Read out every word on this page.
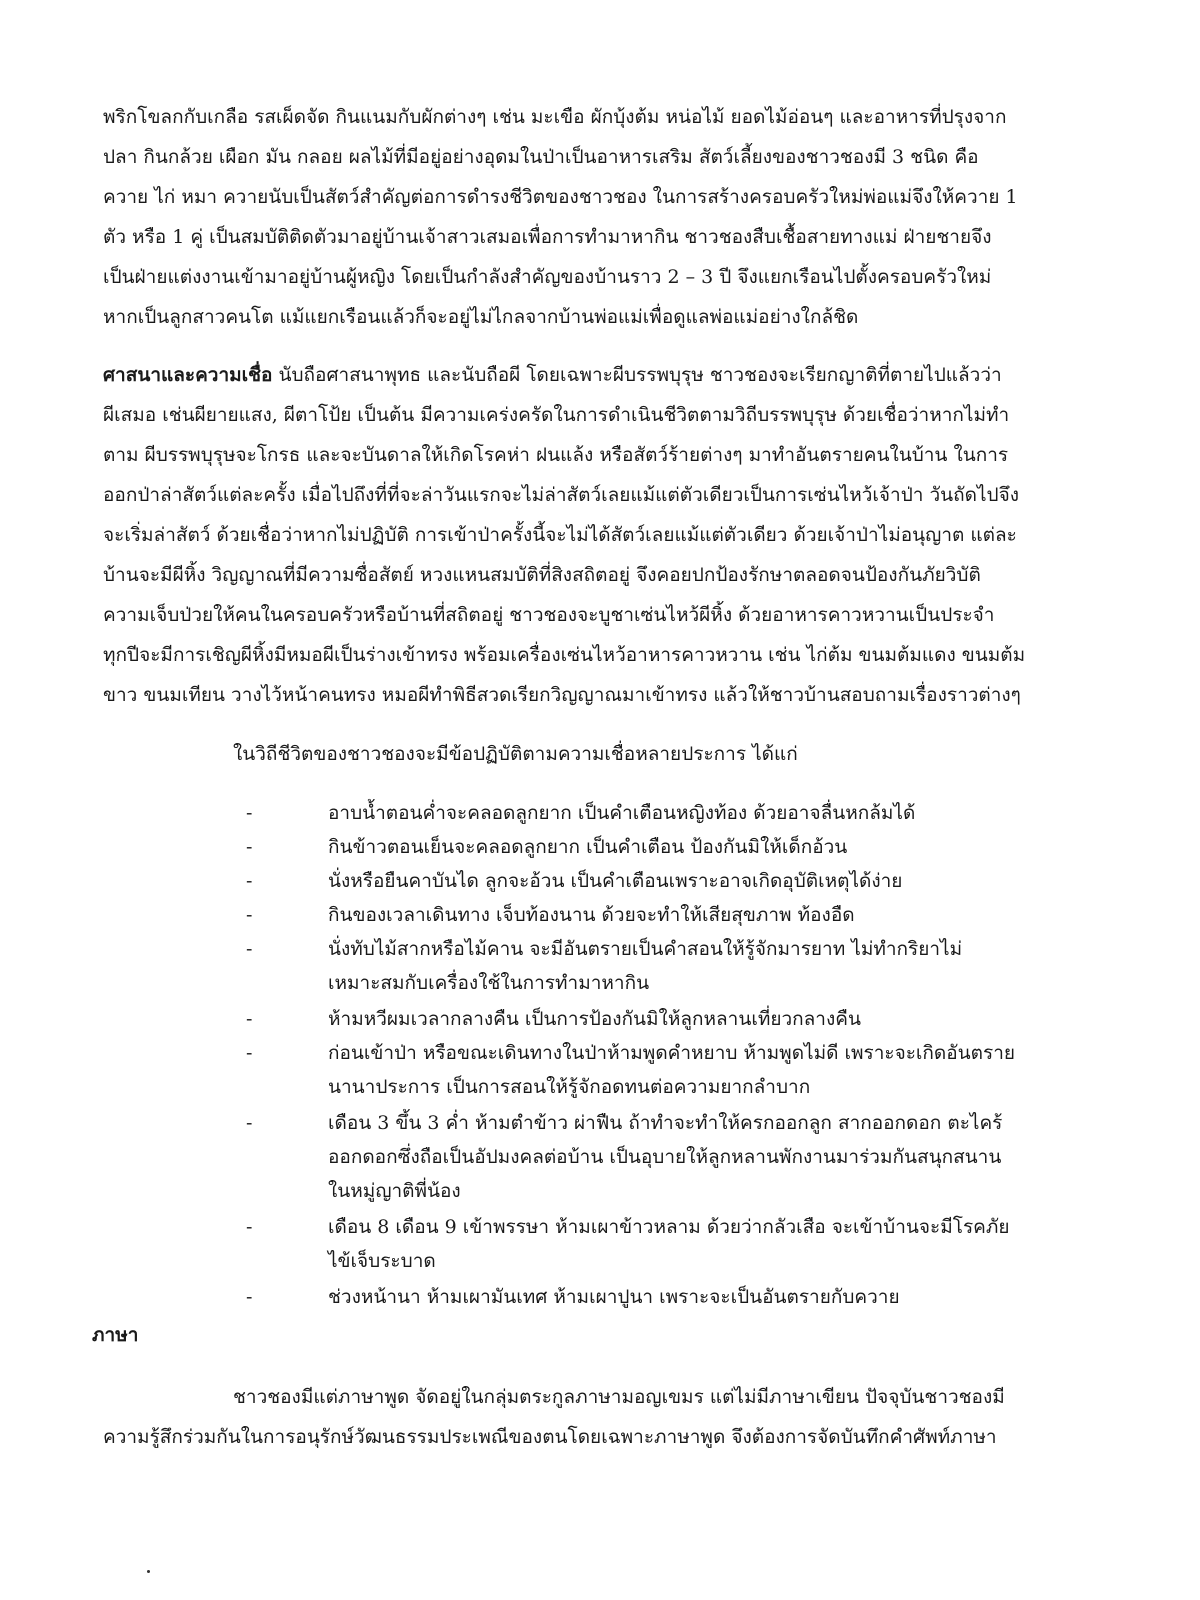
พริกโขลกกับเกลือ รสเผ็ดจัด กินแนมกับผักต่างๆ เช่น มะเขือ ผักบุ้งต้ม หน่อไม้ ยอดไม้อ่อนๆ และอาหารที่ปรุงจาก
ปลา กินกล้วย เผือก มัน กลอย ผลไม้ที่มีอยู่อย่างอุดมในป่าเป็นอาหารเสริม สัตว์เลี้ยงของชาวชองมี 3 ชนิด คือ
ควาย ไก่ หมา ควายนับเป็นสัตว์สำคัญต่อการดำรงชีวิตของชาวชอง ในการสร้างครอบครัวใหม่พ่อแม่จึงให้ควาย 1
ตัว หรือ 1 คู่ เป็นสมบัติติดตัวมาอยู่บ้านเจ้าสาวเสมอเพื่อการทำมาหากิน ชาวชองสืบเชื้อสายทางแม่ ฝ่ายชายจึง
เป็นฝ่ายแต่งงานเข้ามาอยู่บ้านผู้หญิง โดยเป็นกำลังสำคัญของบ้านราว 2 – 3 ปี จึงแยกเรือนไปตั้งครอบครัวใหม่
หากเป็นลูกสาวคนโต แม้แยกเรือนแล้วก็จะอยู่ไม่ไกลจากบ้านพ่อแม่เพื่อดูแลพ่อแม่อย่างใกล้ชิด
ศาสนาและความเชื่อ นับถือศาสนาพุทธ และนับถือผี โดยเฉพาะผีบรรพบุรุษ ชาวชองจะเรียกญาติที่ตายไปแล้วว่า
ผีเสมอ เช่นผียายแสง, ผีตาโป้ย เป็นต้น มีความเคร่งครัดในการดำเนินชีวิตตามวิถีบรรพบุรุษ ด้วยเชื่อว่าหากไม่ทำ
ตาม ผีบรรพบุรุษจะโกรธ และจะบันดาลให้เกิดโรคห่า ฝนแล้ง หรือสัตว์ร้ายต่างๆ มาทำอันตรายคนในบ้าน ในการ
ออกป่าล่าสัตว์แต่ละครั้ง เมื่อไปถึงที่ที่จะล่าวันแรกจะไม่ล่าสัตว์เลยแม้แต่ตัวเดียวเป็นการเซ่นไหว้เจ้าป่า วันถัดไปจึง
จะเริ่มล่าสัตว์ ด้วยเชื่อว่าหากไม่ปฏิบัติ การเข้าป่าครั้งนี้จะไม่ได้สัตว์เลยแม้แต่ตัวเดียว ด้วยเจ้าป่าไม่อนุญาต แต่ละ
บ้านจะมีผีหิ้ง วิญญาณที่มีความซื่อสัตย์ หวงแหนสมบัติที่สิงสถิตอยู่ จึงคอยปกป้องรักษาตลอดจนป้องกันภัยวิบัติ
ความเจ็บป่วยให้คนในครอบครัวหรือบ้านที่สถิตอยู่ ชาวชองจะบูชาเซ่นไหว้ผีหิ้ง ด้วยอาหารคาวหวานเป็นประจำ
ทุกปีจะมีการเชิญผีหิ้งมีหมอผีเป็นร่างเข้าทรง พร้อมเครื่องเซ่นไหว้อาหารคาวหวาน เช่น ไก่ต้ม ขนมต้มแดง ขนมต้ม
ขาว ขนมเทียน วางไว้หน้าคนทรง หมอผีทำพิธีสวดเรียกวิญญาณมาเข้าทรง แล้วให้ชาวบ้านสอบถามเรื่องราวต่างๆ
ในวิถีชีวิตของชาวชองจะมีข้อปฏิบัติตามความเชื่อหลายประการ ได้แก่
-	อาบน้ำตอนค่ำจะคลอดลูกยาก เป็นคำเตือนหญิงท้อง ด้วยอาจลื่นหกล้มได้
-	กินข้าวตอนเย็นจะคลอดลูกยาก เป็นคำเตือน ป้องกันมิให้เด็กอ้วน
-	นั่งหรือยืนคาบันได ลูกจะอ้วน เป็นคำเตือนเพราะอาจเกิดอุบัติเหตุได้ง่าย
-	กินของเวลาเดินทาง เจ็บท้องนาน ด้วยจะทำให้เสียสุขภาพ ท้องอืด
-	นั่งทับไม้สากหรือไม้คาน จะมีอันตรายเป็นคำสอนให้รู้จักมารยาท ไม่ทำกริยาไม่
เหมาะสมกับเครื่องใช้ในการทำมาหากิน
-	ห้ามหวีผมเวลากลางคืน เป็นการป้องกันมิให้ลูกหลานเที่ยวกลางคืน
-	ก่อนเข้าป่า หรือขณะเดินทางในป่าห้ามพูดคำหยาบ ห้ามพูดไม่ดี เพราะจะเกิดอันตราย
นานาประการ เป็นการสอนให้รู้จักอดทนต่อความยากลำบาก
-	เดือน 3 ขึ้น 3 ค่ำ ห้ามตำข้าว ผ่าฟืน ถ้าทำจะทำให้ครกออกลูก สากออกดอก ตะไคร้
ออกดอกซึ่งถือเป็นอัปมงคลต่อบ้าน เป็นอุบายให้ลูกหลานพักงานมาร่วมกันสนุกสนาน
ในหมู่ญาติพี่น้อง
-	เดือน 8 เดือน 9 เข้าพรรษา ห้ามเผาข้าวหลาม ด้วยว่ากลัวเสือ จะเข้าบ้านจะมีโรคภัย
ไข้เจ็บระบาด
-	ช่วงหน้านา ห้ามเผามันเทศ ห้ามเผาปูนา เพราะจะเป็นอันตรายกับควาย
ภาษา
ชาวชองมีแต่ภาษาพูด จัดอยู่ในกลุ่มตระกูลภาษามอญเขมร แต่ไม่มีภาษาเขียน ปัจจุบันชาวชองมี
ความรู้สึกร่วมกันในการอนุรักษ์วัฒนธรรมประเพณีของตนโดยเฉพาะภาษาพูด จึงต้องการจัดบันทึกคำศัพท์ภาษา
